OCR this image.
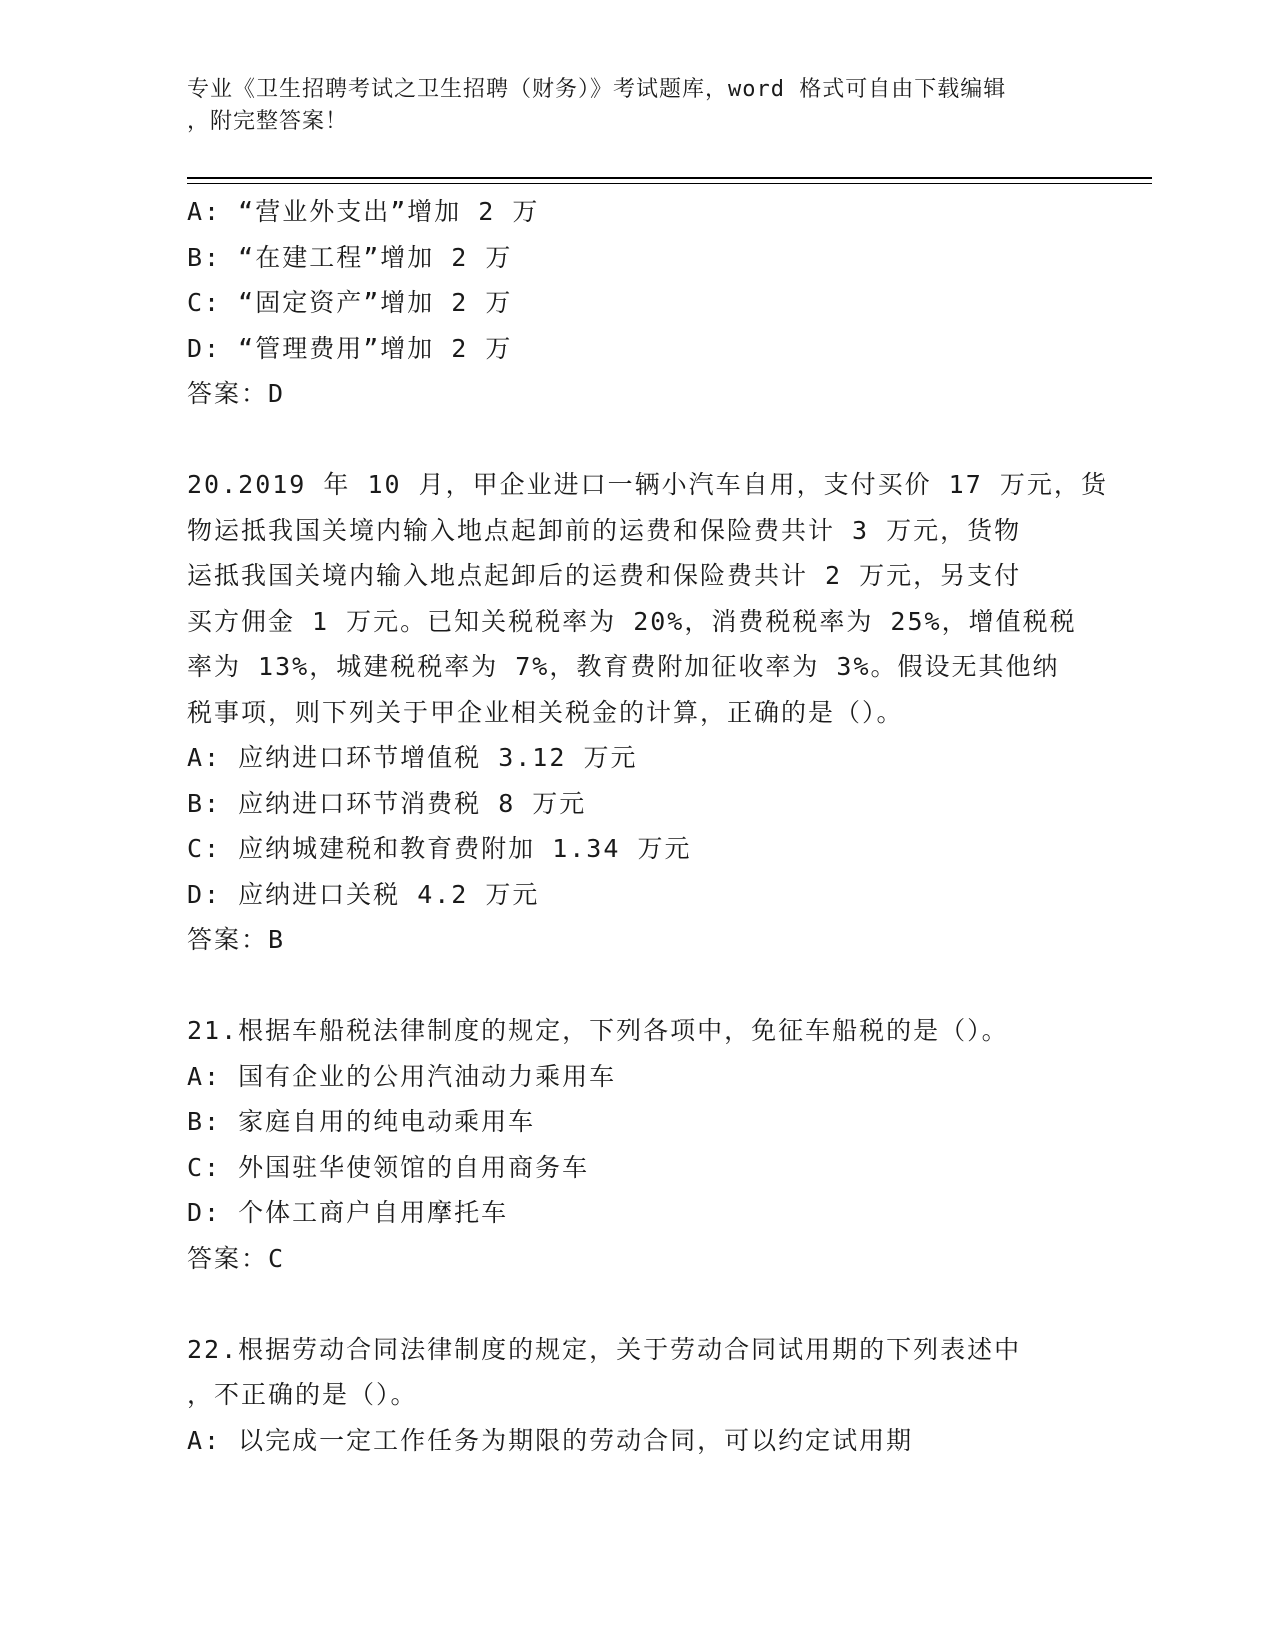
专业《卫生招聘考试之卫生招聘（财务）》考试题库，word 格式可自由下载编辑
，附完整答案！
A: “营业外支出”增加 2 万
B: “在建工程”增加 2 万
C: “固定资产”增加 2 万
D: “管理费用”增加 2 万
答案：D
20.2019 年 10 月，甲企业进口一辆小汽车自用，支付买价 17 万元，货
物运抵我国关境内输入地点起卸前的运费和保险费共计 3 万元，货物
运抵我国关境内输入地点起卸后的运费和保险费共计 2 万元，另支付
买方佣金 1 万元。已知关税税率为 20%，消费税税率为 25%，增值税税
率为 13%，城建税税率为 7%，教育费附加征收率为 3%。假设无其他纳
税事项，则下列关于甲企业相关税金的计算，正确的是（）。
A: 应纳进口环节增值税 3.12 万元
B: 应纳进口环节消费税 8 万元
C: 应纳城建税和教育费附加 1.34 万元
D: 应纳进口关税 4.2 万元
答案：B
21.根据车船税法律制度的规定，下列各项中，免征车船税的是（）。
A: 国有企业的公用汽油动力乘用车
B: 家庭自用的纯电动乘用车
C: 外国驻华使领馆的自用商务车
D: 个体工商户自用摩托车
答案：C
22.根据劳动合同法律制度的规定，关于劳动合同试用期的下列表述中
，不正确的是（）。
A: 以完成一定工作任务为期限的劳动合同，可以约定试用期
